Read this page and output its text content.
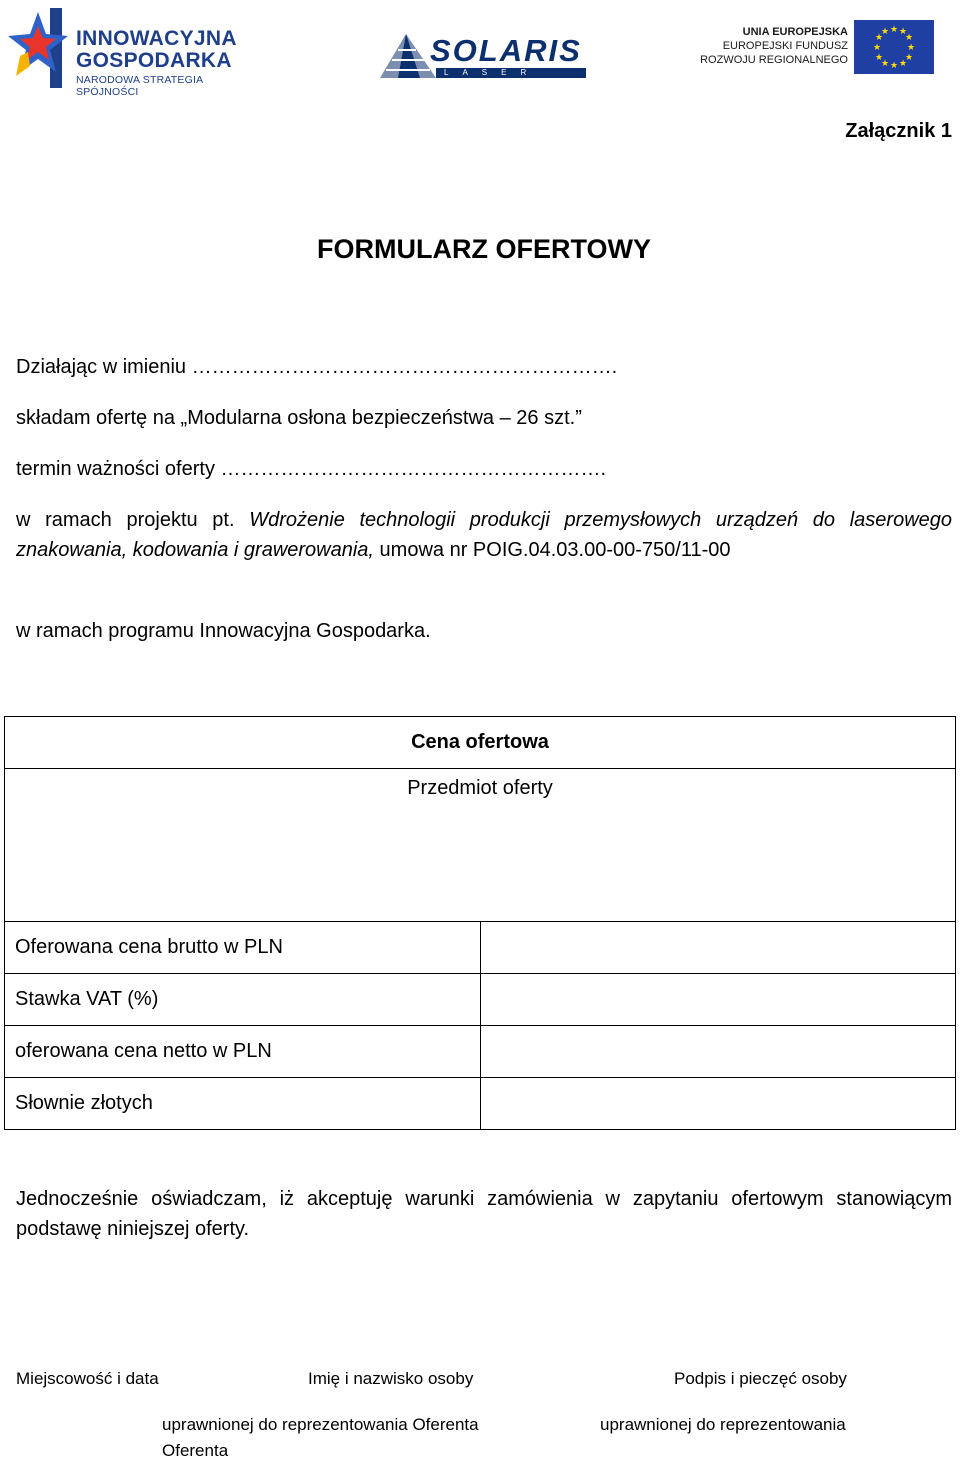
INNOWACYJNA
GOSPODARKA
NARODOWA STRATEGIA SPÓJNOŚCI
SOLARIS
LASER
UNIA EUROPEJSKA
EUROPEJSKI FUNDUSZ
ROZWOJU REGIONALNEGO
★ ★
★
★
★
★
★
★
★
★
★
★
Załącznik 1
FORMULARZ OFERTOWY
Działając w imieniu ……………………………………………………….
składam ofertę na „Modularna osłona bezpieczeństwa – 26 szt.”
termin ważności oferty ………………………………………………….
w ramach projektu pt. Wdrożenie technologii produkcji przemysłowych urządzeń do laserowego znakowania, kodowania i grawerowania, umowa nr POIG.04.03.00-00-750/11-00
w ramach programu Innowacyjna Gospodarka.
Cena ofertowa	
Przedmiot oferty	
Oferowana cena brutto w PLN	
Stawka VAT (%)	
oferowana cena netto w PLN	
Słownie złotych	
Jednocześnie oświadczam, iż akceptuję warunki zamówienia w zapytaniu ofertowym stanowiącym podstawę niniejszej oferty.
Miejscowość i data	Imię i nazwisko osoby	Podpis i pieczęć osoby
uprawnionej do reprezentowania Oferenta
Oferenta
uprawnionej do reprezentowania
